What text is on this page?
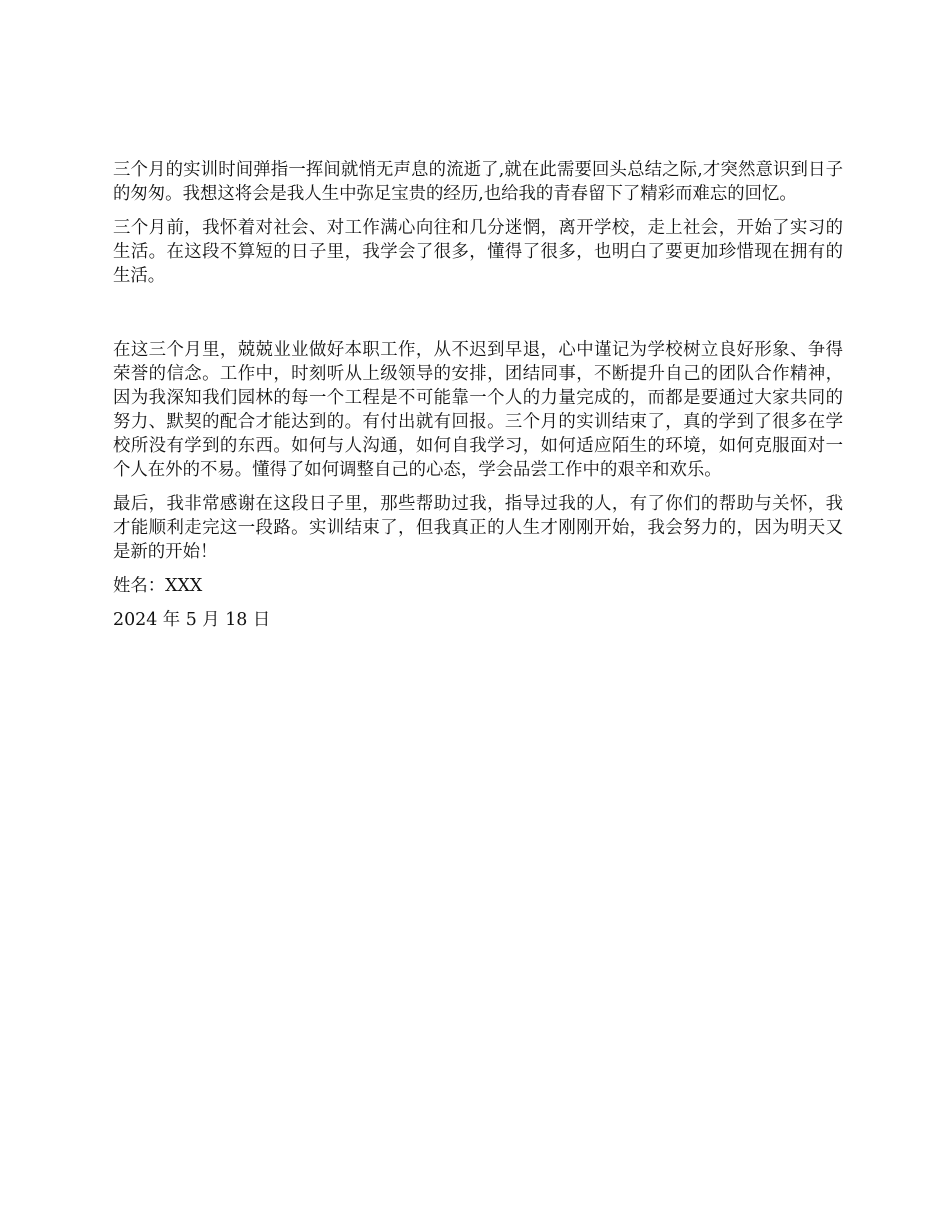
三个月的实训时间弹指一挥间就悄无声息的流逝了,就在此需要回头总结之际,才突然意识到日子的匆匆。我想这将会是我人生中弥足宝贵的经历,也给我的青春留下了精彩而难忘的回忆。

三个月前，我怀着对社会、对工作满心向往和几分迷惘，离开学校，走上社会，开始了实习的生活。在这段不算短的日子里，我学会了很多，懂得了很多，也明白了要更加珍惜现在拥有的生活。

在这三个月里，兢兢业业做好本职工作，从不迟到早退，心中谨记为学校树立良好形象、争得荣誉的信念。工作中，时刻听从上级领导的安排，团结同事，不断提升自己的团队合作精神，因为我深知我们园林的每一个工程是不可能靠一个人的力量完成的，而都是要通过大家共同的努力、默契的配合才能达到的。有付出就有回报。三个月的实训结束了，真的学到了很多在学校所没有学到的东西。如何与人沟通，如何自我学习，如何适应陌生的环境，如何克服面对一个人在外的不易。懂得了如何调整自己的心态，学会品尝工作中的艰辛和欢乐。

最后，我非常感谢在这段日子里，那些帮助过我，指导过我的人，有了你们的帮助与关怀，我才能顺利走完这一段路。实训结束了，但我真正的人生才刚刚开始，我会努力的，因为明天又是新的开始！

姓名：XXX

2024 年 5 月 18 日
